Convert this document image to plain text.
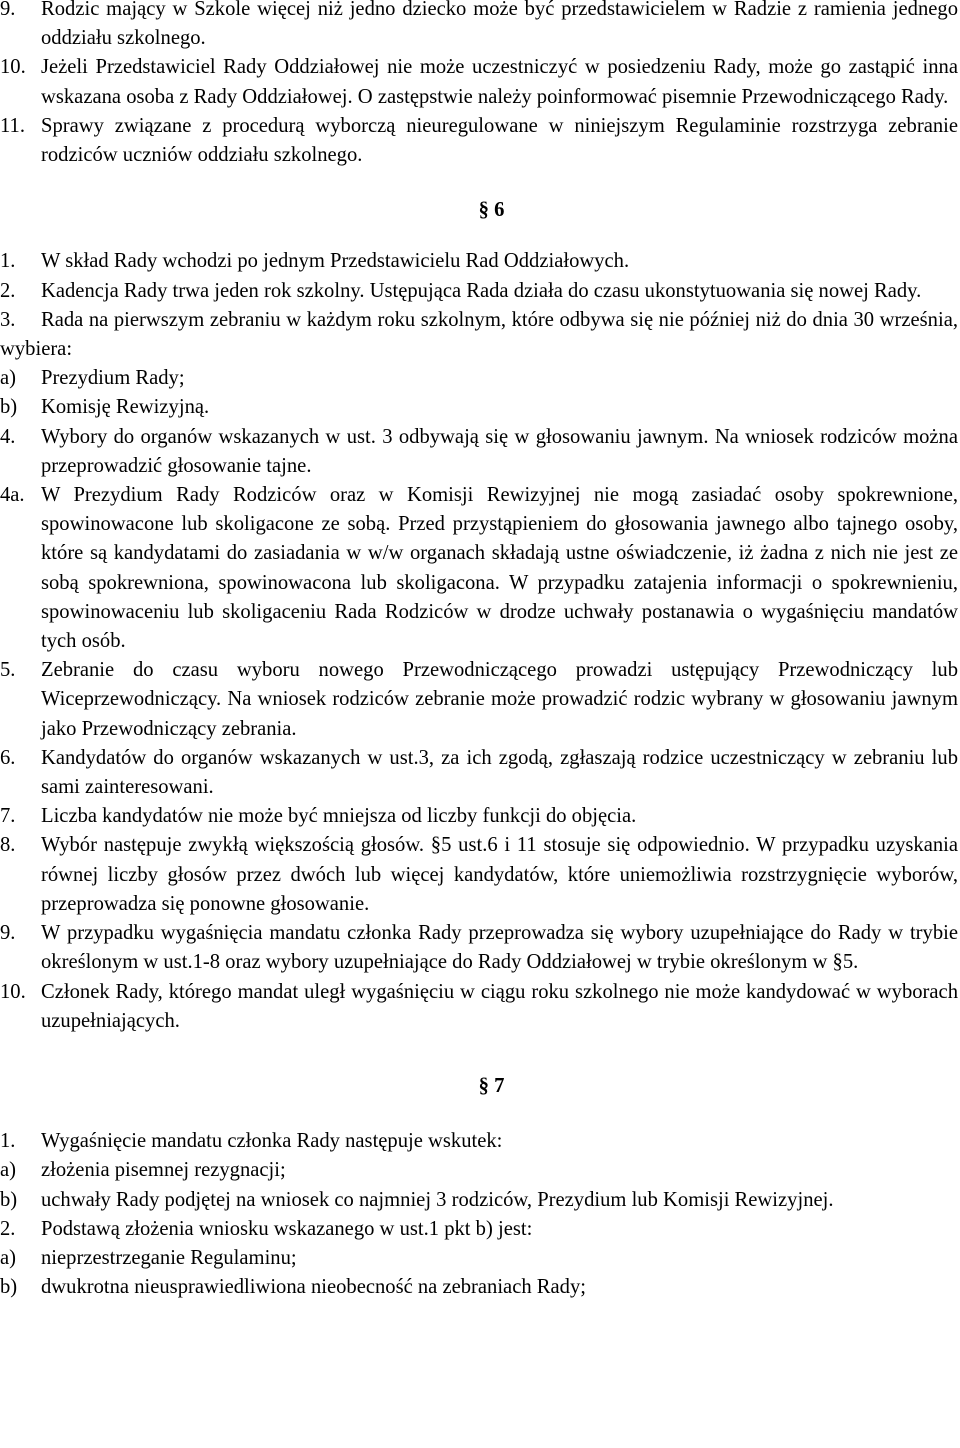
9. Rodzic mający w Szkole więcej niż jedno dziecko może być przedstawicielem w Radzie z ramienia jednego oddziału szkolnego.
10. Jeżeli Przedstawiciel Rady Oddziałowej nie może uczestniczyć w posiedzeniu Rady, może go zastąpić inna wskazana osoba z Rady Oddziałowej. O zastępstwie należy poinformować pisemnie Przewodniczącego Rady.
11. Sprawy związane z procedurą wyborczą nieuregulowane w niniejszym Regulaminie rozstrzyga zebranie rodziców uczniów oddziału szkolnego.

§ 6

1. W skład Rady wchodzi po jednym Przedstawicielu Rad Oddziałowych.
2. Kadencja Rady trwa jeden rok szkolny. Ustępująca Rada działa do czasu ukonstytuowania się nowej Rady.
3. Rada na pierwszym zebraniu w każdym roku szkolnym, które odbywa się nie później niż do dnia 30 września, wybiera:
a) Prezydium Rady;
b) Komisję Rewizyjną.
4. Wybory do organów wskazanych w ust. 3 odbywają się w głosowaniu jawnym. Na wniosek rodziców można przeprowadzić głosowanie tajne.
4a. W Prezydium Rady Rodziców oraz w Komisji Rewizyjnej nie mogą zasiadać osoby spokrewnione, spowinowacone lub skoligacone ze sobą. Przed przystąpieniem do głosowania jawnego albo tajnego osoby, które są kandydatami do zasiadania w w/w organach składają ustne oświadczenie, iż żadna z nich nie jest ze sobą spokrewniona, spowinowacona lub skoligacona. W przypadku zatajenia informacji o spokrewnieniu, spowinowaceniu lub skoligaceniu Rada Rodziców w drodze uchwały postanawia o wygaśnięciu mandatów tych osób.
5. Zebranie do czasu wyboru nowego Przewodniczącego prowadzi ustępujący Przewodniczący lub Wiceprzewodniczący. Na wniosek rodziców zebranie może prowadzić rodzic wybrany w głosowaniu jawnym jako Przewodniczący zebrania.
6. Kandydatów do organów wskazanych w ust.3, za ich zgodą, zgłaszają rodzice uczestniczący w zebraniu lub sami zainteresowani.
7. Liczba kandydatów nie może być mniejsza od liczby funkcji do objęcia.
8. Wybór następuje zwykłą większością głosów. §5 ust.6 i 11 stosuje się odpowiednio. W przypadku uzyskania równej liczby głosów przez dwóch lub więcej kandydatów, które uniemożliwia rozstrzygnięcie wyborów, przeprowadza się ponowne głosowanie.
9. W przypadku wygaśnięcia mandatu członka Rady przeprowadza się wybory uzupełniające do Rady w trybie określonym w ust.1-8 oraz wybory uzupełniające do Rady Oddziałowej w trybie określonym w §5.
10. Członek Rady, którego mandat uległ wygaśnięciu w ciągu roku szkolnego nie może kandydować w wyborach uzupełniających.

§ 7

1. Wygaśnięcie mandatu członka Rady następuje wskutek:
a) złożenia pisemnej rezygnacji;
b) uchwały Rady podjętej na wniosek co najmniej 3 rodziców, Prezydium lub Komisji Rewizyjnej.
2. Podstawą złożenia wniosku wskazanego w ust.1 pkt b) jest:
a) nieprzestrzeganie Regulaminu;
b) dwukrotna nieusprawiedliwiona nieobecność na zebraniach Rady;
